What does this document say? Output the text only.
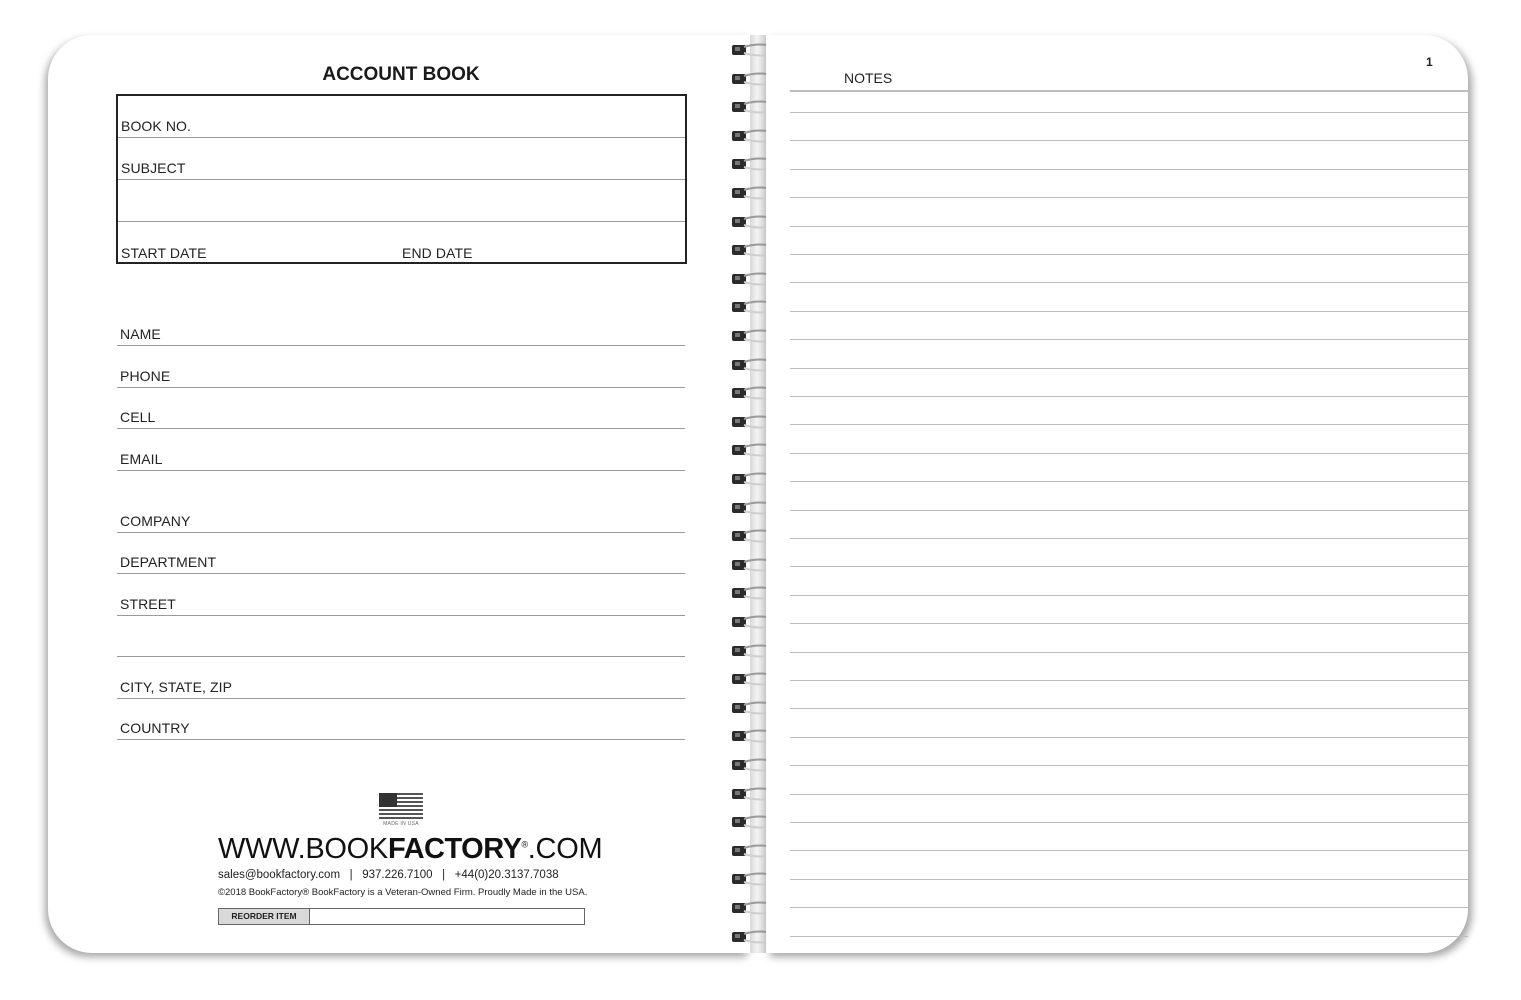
ACCOUNT BOOK
BOOK NO.
SUBJECT
START DATE	END DATE
NAME
PHONE
CELL
EMAIL
COMPANY
DEPARTMENT
STREET
CITY, STATE, ZIP
COUNTRY
MADE IN USA
WWW.BOOKFACTORY®.COM
sales@bookfactory.com   |   937.226.7100   |   +44(0)20.3137.7038
©2018 BookFactory® BookFactory is a Veteran-Owned Firm. Proudly Made in the USA.
REORDER ITEM
1
NOTES
